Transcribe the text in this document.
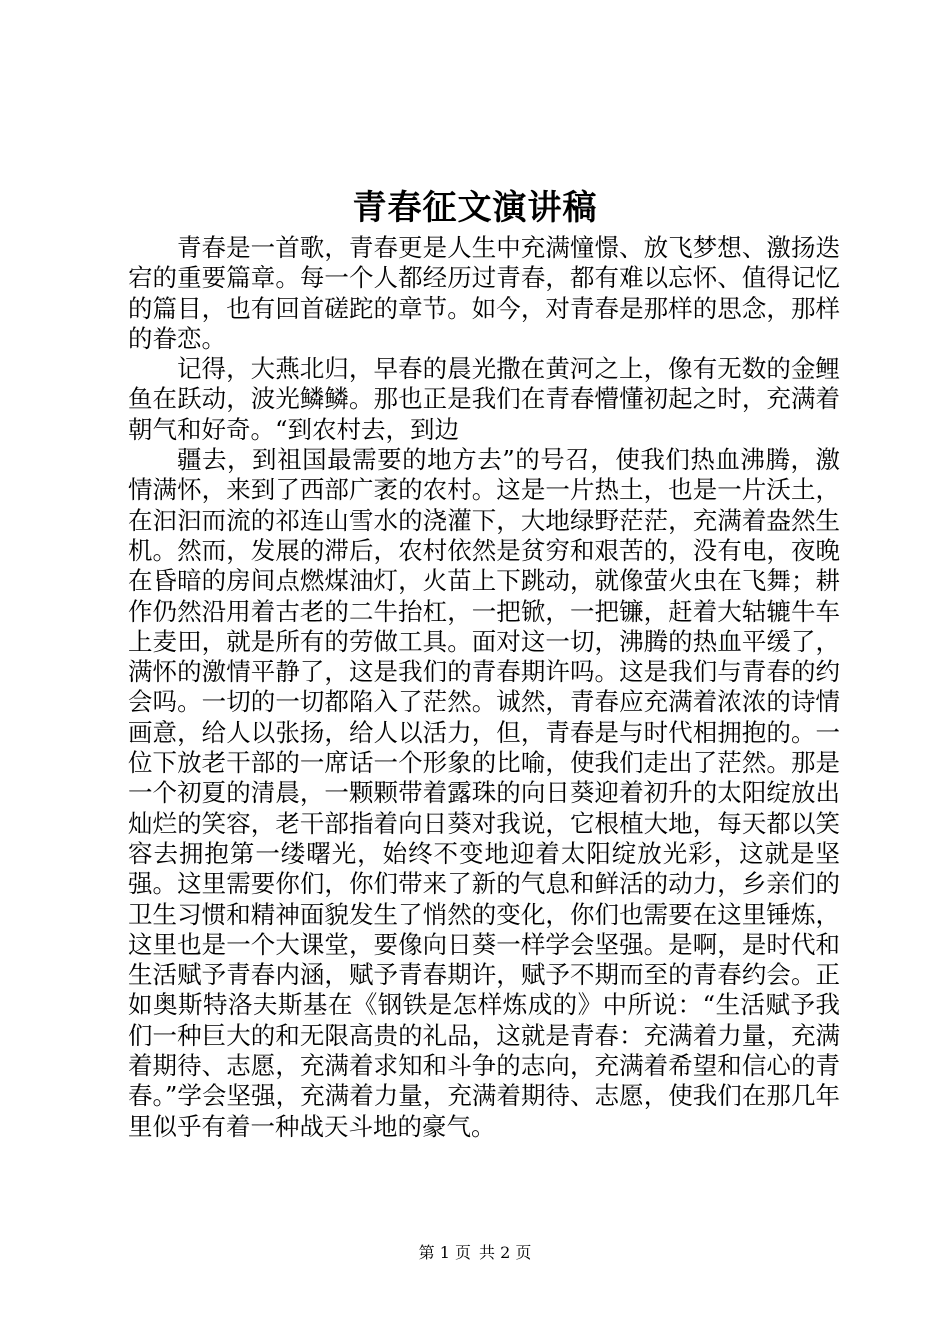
青春征文演讲稿

青春是一首歌，青春更是人生中充满憧憬、放飞梦想、激扬迭宕的重要篇章。每一个人都经历过青春，都有难以忘怀、值得记忆的篇目，也有回首磋跎的章节。如今，对青春是那样的思念，那样的眷恋。

记得，大燕北归，早春的晨光撒在黄河之上，像有无数的金鲤鱼在跃动，波光鳞鳞。那也正是我们在青春懵懂初起之时，充满着朝气和好奇。“到农村去，到边

疆去，到祖国最需要的地方去”的号召，使我们热血沸腾，激情满怀，来到了西部广袤的农村。这是一片热土，也是一片沃土，在汩汩而流的祁连山雪水的浇灌下，大地绿野茫茫，充满着盎然生机。然而，发展的滞后，农村依然是贫穷和艰苦的，没有电，夜晚在昏暗的房间点燃煤油灯，火苗上下跳动，就像萤火虫在飞舞；耕作仍然沿用着古老的二牛抬杠，一把锨，一把镰，赶着大轱辘牛车上麦田，就是所有的劳做工具。面对这一切，沸腾的热血平缓了，满怀的激情平静了，这是我们的青春期许吗。这是我们与青春的约会吗。一切的一切都陷入了茫然。诚然，青春应充满着浓浓的诗情画意，给人以张扬，给人以活力，但，青春是与时代相拥抱的。一位下放老干部的一席话一个形象的比喻，使我们走出了茫然。那是一个初夏的清晨，一颗颗带着露珠的向日葵迎着初升的太阳绽放出灿烂的笑容，老干部指着向日葵对我说，它根植大地，每天都以笑容去拥抱第一缕曙光，始终不变地迎着太阳绽放光彩，这就是坚强。这里需要你们，你们带来了新的气息和鲜活的动力，乡亲们的卫生习惯和精神面貌发生了悄然的变化，你们也需要在这里锤炼，这里也是一个大课堂，要像向日葵一样学会坚强。是啊，是时代和生活赋予青春内涵，赋予青春期许，赋予不期而至的青春约会。正如奥斯特洛夫斯基在《钢铁是怎样炼成的》中所说：“生活赋予我们一种巨大的和无限高贵的礼品，这就是青春：充满着力量，充满着期待、志愿，充满着求知和斗争的志向，充满着希望和信心的青春。”学会坚强，充满着力量，充满着期待、志愿，使我们在那几年里似乎有着一种战天斗地的豪气。

第 1 页 共 2 页
